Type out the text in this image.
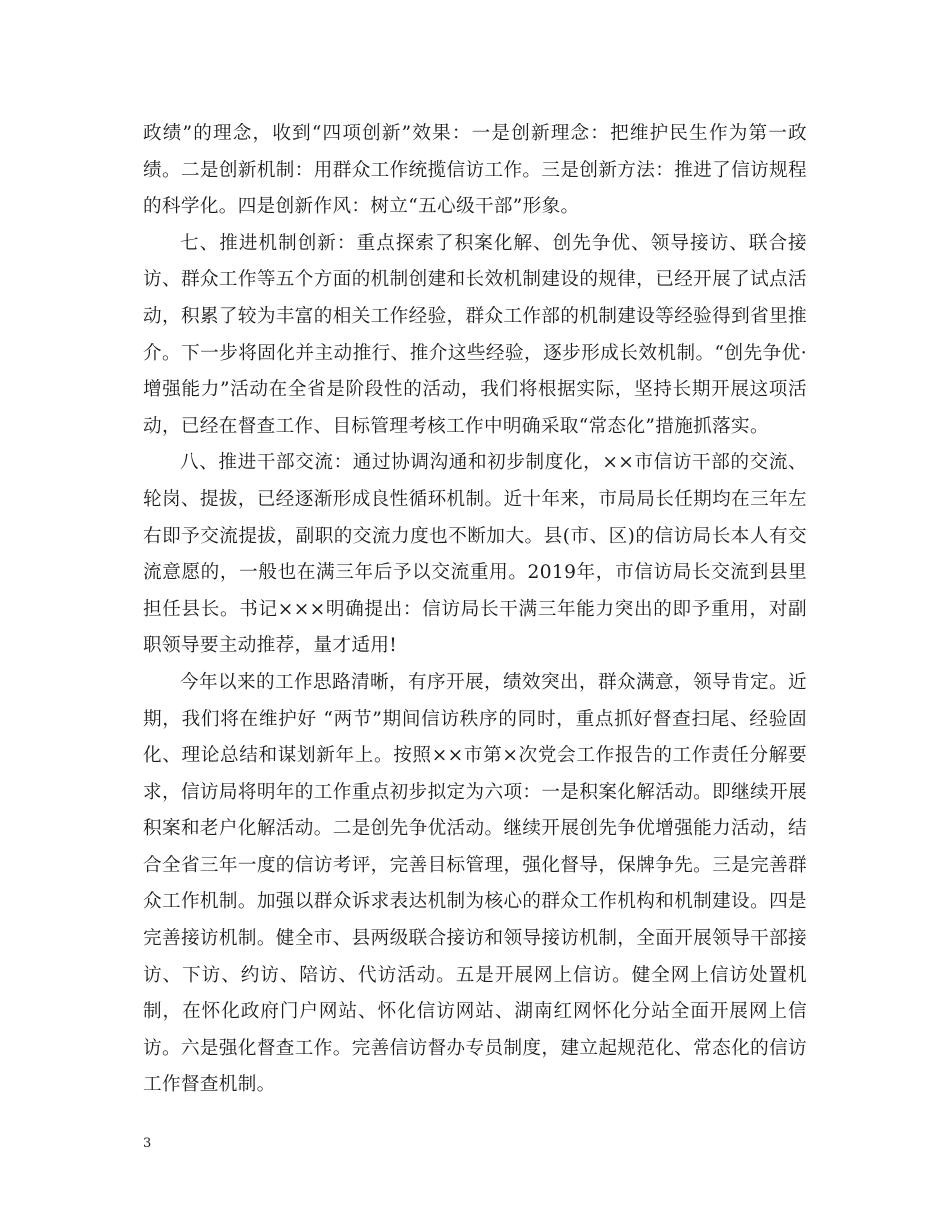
政绩”的理念，收到“四项创新”效果：一是创新理念：把维护民生作为第一政绩。二是创新机制：用群众工作统揽信访工作。三是创新方法：推进了信访规程的科学化。四是创新作风：树立“五心级干部”形象。

七、推进机制创新：重点探索了积案化解、创先争优、领导接访、联合接访、群众工作等五个方面的机制创建和长效机制建设的规律，已经开展了试点活动，积累了较为丰富的相关工作经验，群众工作部的机制建设等经验得到省里推介。下一步将固化并主动推行、推介这些经验，逐步形成长效机制。“创先争优·增强能力”活动在全省是阶段性的活动，我们将根据实际，坚持长期开展这项活动，已经在督查工作、目标管理考核工作中明确采取“常态化”措施抓落实。

八、推进干部交流：通过协调沟通和初步制度化，××市信访干部的交流、轮岗、提拔，已经逐渐形成良性循环机制。近十年来，市局局长任期均在三年左右即予交流提拔，副职的交流力度也不断加大。县(市、区)的信访局长本人有交流意愿的，一般也在满三年后予以交流重用。2019年，市信访局长交流到县里担任县长。书记×××明确提出：信访局长干满三年能力突出的即予重用，对副职领导要主动推荐，量才适用!

今年以来的工作思路清晰，有序开展，绩效突出，群众满意，领导肯定。近期，我们将在维护好 “两节”期间信访秩序的同时，重点抓好督查扫尾、经验固化、理论总结和谋划新年上。按照××市第×次党会工作报告的工作责任分解要求，信访局将明年的工作重点初步拟定为六项：一是积案化解活动。即继续开展积案和老户化解活动。二是创先争优活动。继续开展创先争优增强能力活动，结合全省三年一度的信访考评，完善目标管理，强化督导，保牌争先。三是完善群众工作机制。加强以群众诉求表达机制为核心的群众工作机构和机制建设。四是完善接访机制。健全市、县两级联合接访和领导接访机制，全面开展领导干部接访、下访、约访、陪访、代访活动。五是开展网上信访。健全网上信访处置机制，在怀化政府门户网站、怀化信访网站、湖南红网怀化分站全面开展网上信访。六是强化督查工作。完善信访督办专员制度，建立起规范化、常态化的信访工作督查机制。

3
